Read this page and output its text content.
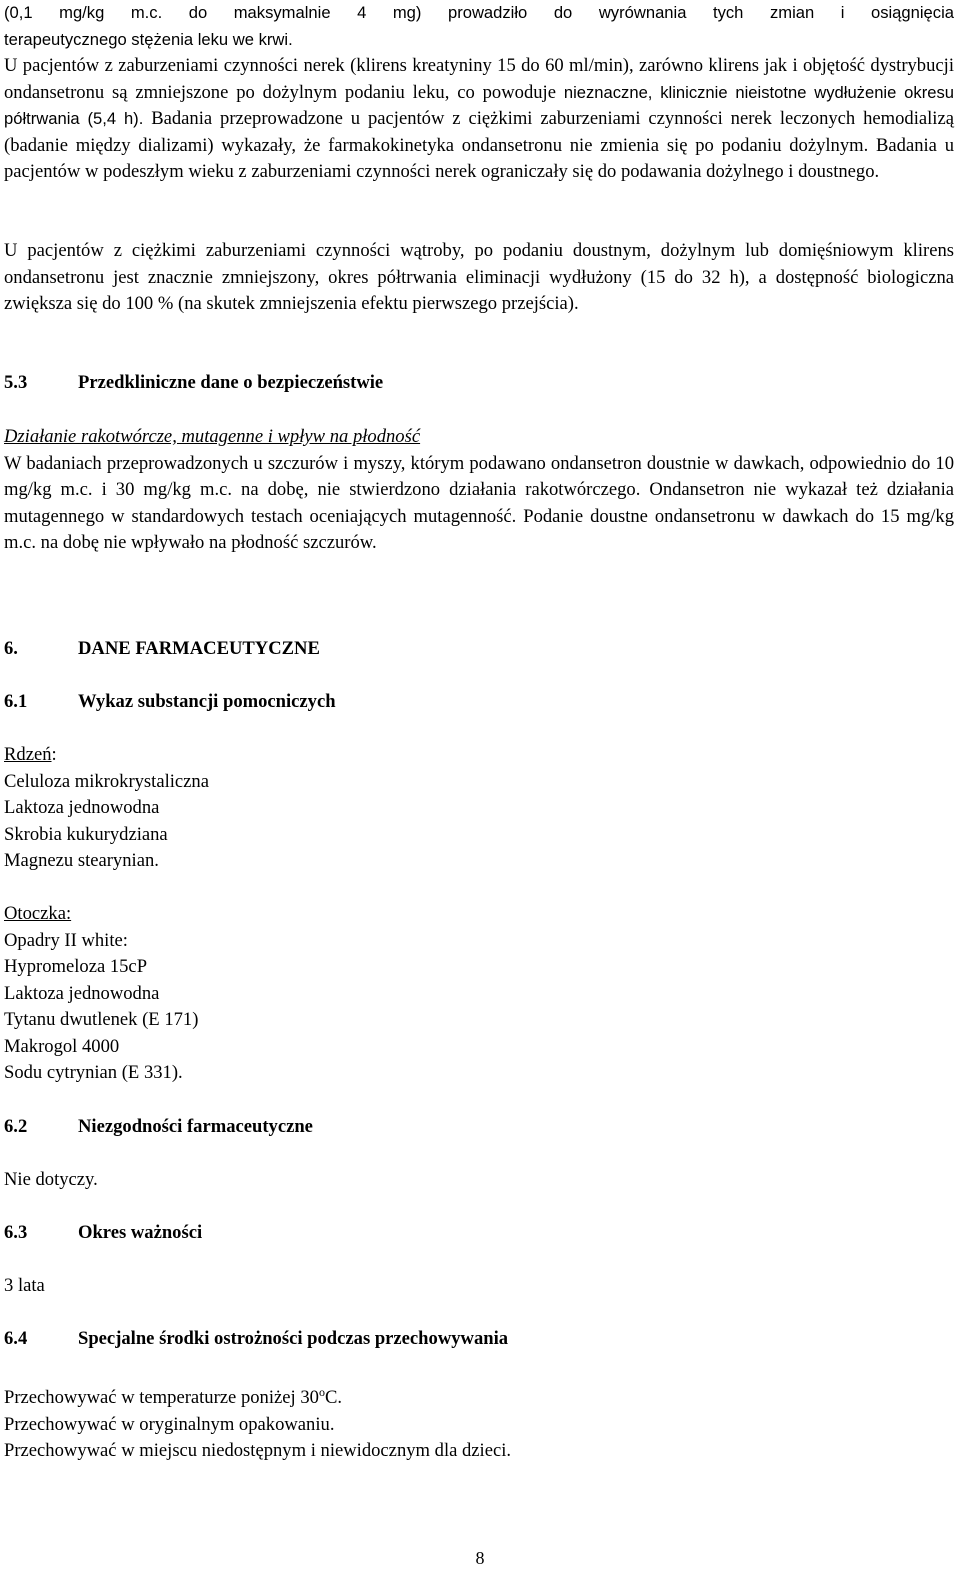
(0,1 mg/kg m.c. do maksymalnie 4 mg) prowadziło do wyrównania tych zmian i osiągnięcia

terapeutycznego stężenia leku we krwi.

U pacjentów z zaburzeniami czynności nerek (klirens kreatyniny 15 do 60 ml/min), zarówno klirens jak i objętość dystrybucji ondansetronu są zmniejszone po dożylnym podaniu leku, co powoduje nieznaczne, klinicznie nieistotne wydłużenie okresu półtrwania (5,4 h). Badania przeprowadzone u pacjentów z ciężkimi zaburzeniami czynności nerek leczonych hemodializą (badanie między dializami) wykazały, że farmakokinetyka ondansetronu nie zmienia się po podaniu dożylnym. Badania u pacjentów w podeszłym wieku z zaburzeniami czynności nerek ograniczały się do podawania dożylnego i doustnego.

U pacjentów z ciężkimi zaburzeniami czynności wątroby, po podaniu doustnym, dożylnym lub domięśniowym klirens ondansetronu jest znacznie zmniejszony, okres półtrwania eliminacji wydłużony (15 do 32 h), a dostępność biologiczna zwiększa się do 100 % (na skutek zmniejszenia efektu pierwszego przejścia).

5.3	Przedkliniczne dane o bezpieczeństwie
Działanie rakotwórcze, mutagenne i wpływ na płodność

W badaniach przeprowadzonych u szczurów i myszy, którym podawano ondansetron doustnie w dawkach, odpowiednio do 10 mg/kg m.c. i 30 mg/kg m.c. na dobę, nie stwierdzono działania rakotwórczego. Ondansetron nie wykazał też działania mutagennego w standardowych testach oceniających mutagenność. Podanie doustne ondansetronu w dawkach do 15 mg/kg m.c. na dobę nie wpływało na płodność szczurów.

6.	DANE FARMACEUTYCZNE
6.1	Wykaz substancji pomocniczych
Rdzeń:
Celuloza mikrokrystaliczna
Laktoza jednowodna
Skrobia kukurydziana
Magnezu stearynian.
Otoczka:
Opadry II white:
Hypromeloza 15cP
Laktoza jednowodna
Tytanu dwutlenek (E 171)
Makrogol 4000
Sodu cytrynian (E 331).
6.2	Niezgodności farmaceutyczne
Nie dotyczy.
6.3	Okres ważności
3 lata
6.4	Specjalne środki ostrożności podczas przechowywania
Przechowywać w temperaturze poniżej 30$^o$C.
Przechowywać w oryginalnym opakowaniu.
Przechowywać w miejscu niedostępnym i niewidocznym dla dzieci.
8
